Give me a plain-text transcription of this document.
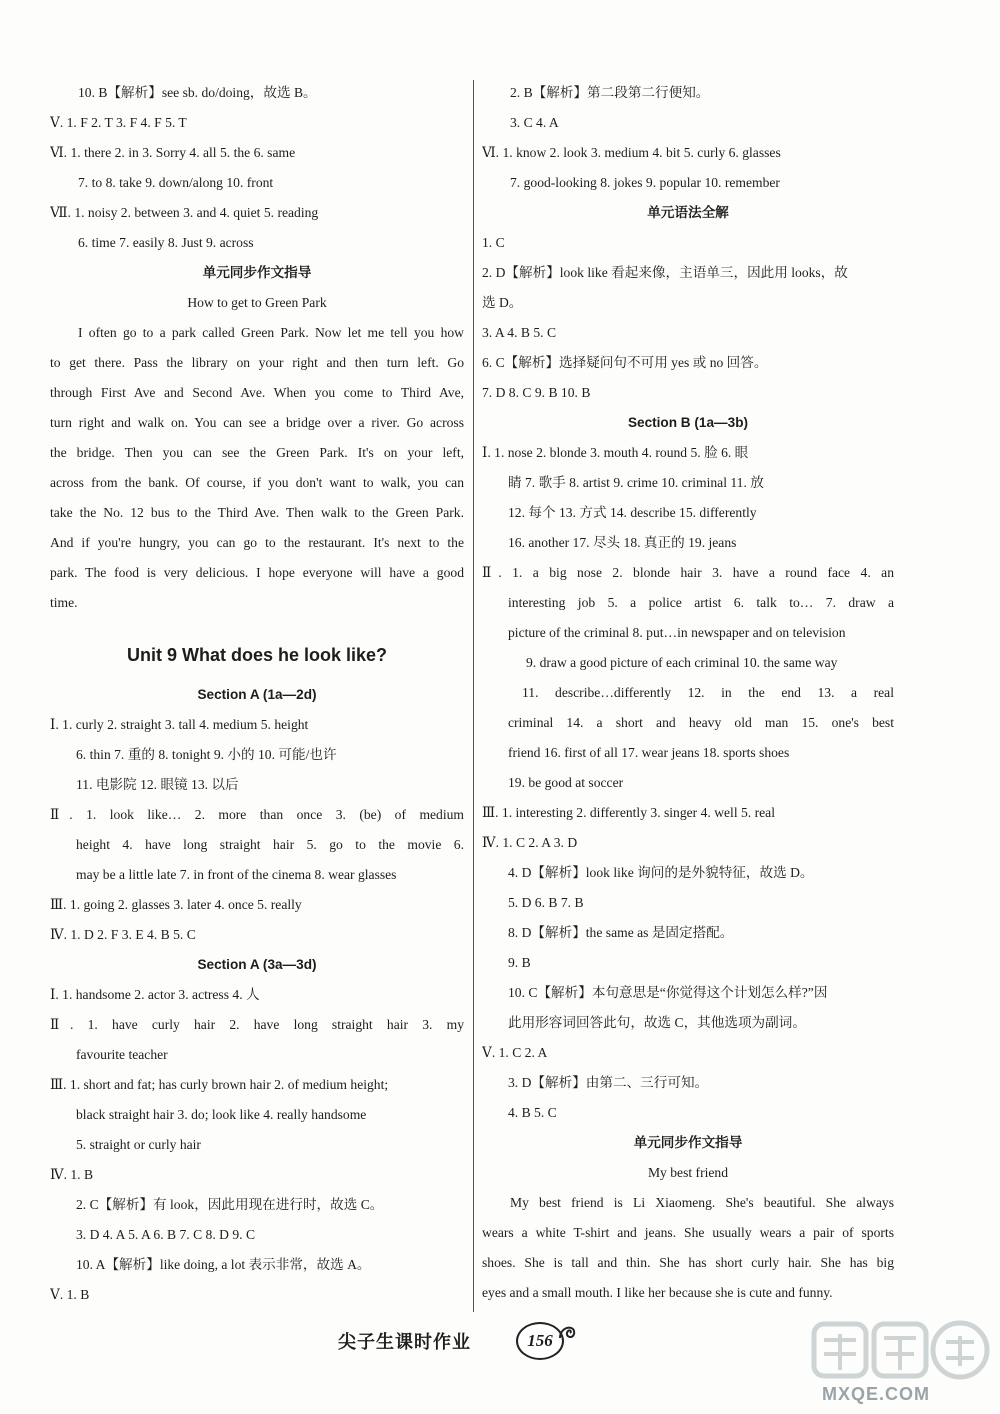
10. B【解析】see sb. do/doing，故选 B。
Ⅴ. 1. F 2. T 3. F 4. F 5. T
Ⅵ. 1. there 2. in 3. Sorry 4. all 5. the 6. same
7. to 8. take 9. down/along 10. front
Ⅶ. 1. noisy 2. between 3. and 4. quiet 5. reading
6. time 7. easily 8. Just 9. across
单元同步作文指导
How to get to Green Park
I often go to a park called Green Park. Now let me tell you how
to get there. Pass the library on your right and then turn left. Go
through First Ave and Second Ave. When you come to Third Ave,
turn right and walk on. You can see a bridge over a river. Go across
the bridge. Then you can see the Green Park. It's on your left,
across from the bank. Of course, if you don't want to walk, you can
take the No. 12 bus to the Third Ave. Then walk to the Green Park.
And if you're hungry, you can go to the restaurant. It's next to the
park. The food is very delicious. I hope everyone will have a good
time.
Unit 9 What does he look like?
Section A (1a—2d)
Ⅰ. 1. curly 2. straight 3. tall 4. medium 5. height
6. thin 7. 重的 8. tonight 9. 小的 10. 可能/也许
11. 电影院 12. 眼镜 13. 以后
Ⅱ. 1. look like… 2. more than once 3. (be) of medium
height 4. have long straight hair 5. go to the movie 6.
may be a little late 7. in front of the cinema 8. wear glasses
Ⅲ. 1. going 2. glasses 3. later 4. once 5. really
Ⅳ. 1. D 2. F 3. E 4. B 5. C
Section A (3a—3d)
Ⅰ. 1. handsome 2. actor 3. actress 4. 人
Ⅱ. 1. have curly hair 2. have long straight hair 3. my
favourite teacher
Ⅲ. 1. short and fat; has curly brown hair 2. of medium height;
black straight hair 3. do; look like 4. really handsome
5. straight or curly hair
Ⅳ. 1. B
2. C【解析】有 look，因此用现在进行时，故选 C。
3. D 4. A 5. A 6. B 7. C 8. D 9. C
10. A【解析】like doing, a lot 表示非常，故选 A。
Ⅴ. 1. B
2. B【解析】第二段第二行便知。
3. C 4. A
Ⅵ. 1. know 2. look 3. medium 4. bit 5. curly 6. glasses
7. good-looking 8. jokes 9. popular 10. remember
单元语法全解
1. C
2. D【解析】look like 看起来像，主语单三，因此用 looks，故
选 D。
3. A 4. B 5. C
6. C【解析】选择疑问句不可用 yes 或 no 回答。
7. D 8. C 9. B 10. B
Section B (1a—3b)
Ⅰ. 1. nose 2. blonde 3. mouth 4. round 5. 脸 6. 眼
睛 7. 歌手 8. artist 9. crime 10. criminal 11. 放
12. 每个 13. 方式 14. describe 15. differently
16. another 17. 尽头 18. 真正的 19. jeans
Ⅱ. 1. a big nose 2. blonde hair 3. have a round face 4. an
interesting job 5. a police artist 6. talk to… 7. draw a
picture of the criminal 8. put…in newspaper and on television
9. draw a good picture of each criminal 10. the same way
11. describe…differently 12. in the end 13. a real
criminal 14. a short and heavy old man 15. one's best
friend 16. first of all 17. wear jeans 18. sports shoes
19. be good at soccer
Ⅲ. 1. interesting 2. differently 3. singer 4. well 5. real
Ⅳ. 1. C 2. A 3. D
4. D【解析】look like 询问的是外貌特征，故选 D。
5. D 6. B 7. B
8. D【解析】the same as 是固定搭配。
9. B
10. C【解析】本句意思是“你觉得这个计划怎么样?”因
此用形容词回答此句，故选 C，其他选项为副词。
Ⅴ. 1. C 2. A
3. D【解析】由第二、三行可知。
4. B 5. C
单元同步作文指导
My best friend
My best friend is Li Xiaomeng. She's beautiful. She always
wears a white T-shirt and jeans. She usually wears a pair of sports
shoes. She is tall and thin. She has short curly hair. She has big
eyes and a small mouth. I like her because she is cute and funny.
尖子生课时作业	156
MXQE.COM
